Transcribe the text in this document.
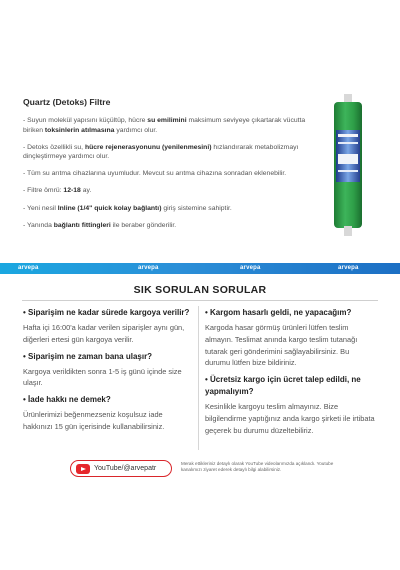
Quartz (Detoks) Filtre
- Suyun molekül yapısını küçültüp, hücre su emilimini maksimum seviyeye çıkartarak vücutta biriken toksinlerin atılmasına yardımcı olur.
- Detoks özellikli su, hücre rejenerasyonunu (yenilenmesini) hızlandırarak metabolizmayı dinçleştirmeye yardımcı olur.
- Tüm su arıtma cihazlarına uyumludur. Mevcut su arıtma cihazına sonradan eklenebilir.
- Filtre ömrü: 12-18 ay.
- Yeni nesil Inline (1/4" quick kolay bağlantı) giriş sistemine sahiptir.
- Yanında bağlantı fittingleri ile beraber gönderilir.
arvepa	arvepa	arvepa	arvepa
SIK SORULAN SORULAR
• Siparişim ne kadar sürede kargoya verilir?
Hafta içi 16:00'a kadar verilen siparişler aynı gün, diğerleri ertesi gün kargoya verilir.
• Siparişim ne zaman bana ulaşır?
Kargoya verildikten sonra 1-5 iş günü içinde size ulaşır.
• İade hakkı ne demek?
Ürünlerimizi beğenmezseniz koşulsuz iade hakkınızı 15 gün içerisinde kullanabilirsiniz.
• Kargom hasarlı geldi, ne yapacağım?
Kargoda hasar görmüş ürünleri lütfen teslim almayın. Teslimat anında kargo teslim tutanağı tutarak geri gönderimini sağlayabilirsiniz. Bu durumu lütfen bize bildiriniz.
• Ücretsiz kargo için ücret talep edildi, ne yapmalıyım?
Kesinlikle kargoyu teslim almayınız. Bize bilgilendirme yaptığınız anda kargo şirketi ile irtibata geçerek bu durumu düzeltebiliriz.
YouTube/@arvepatr
Merak ettikleriniz detaylı olarak YouTube videolarımızda açıklandı. Youtube kanalımızı ziyaret ederek detaylı bilgi alabilirsiniz.
